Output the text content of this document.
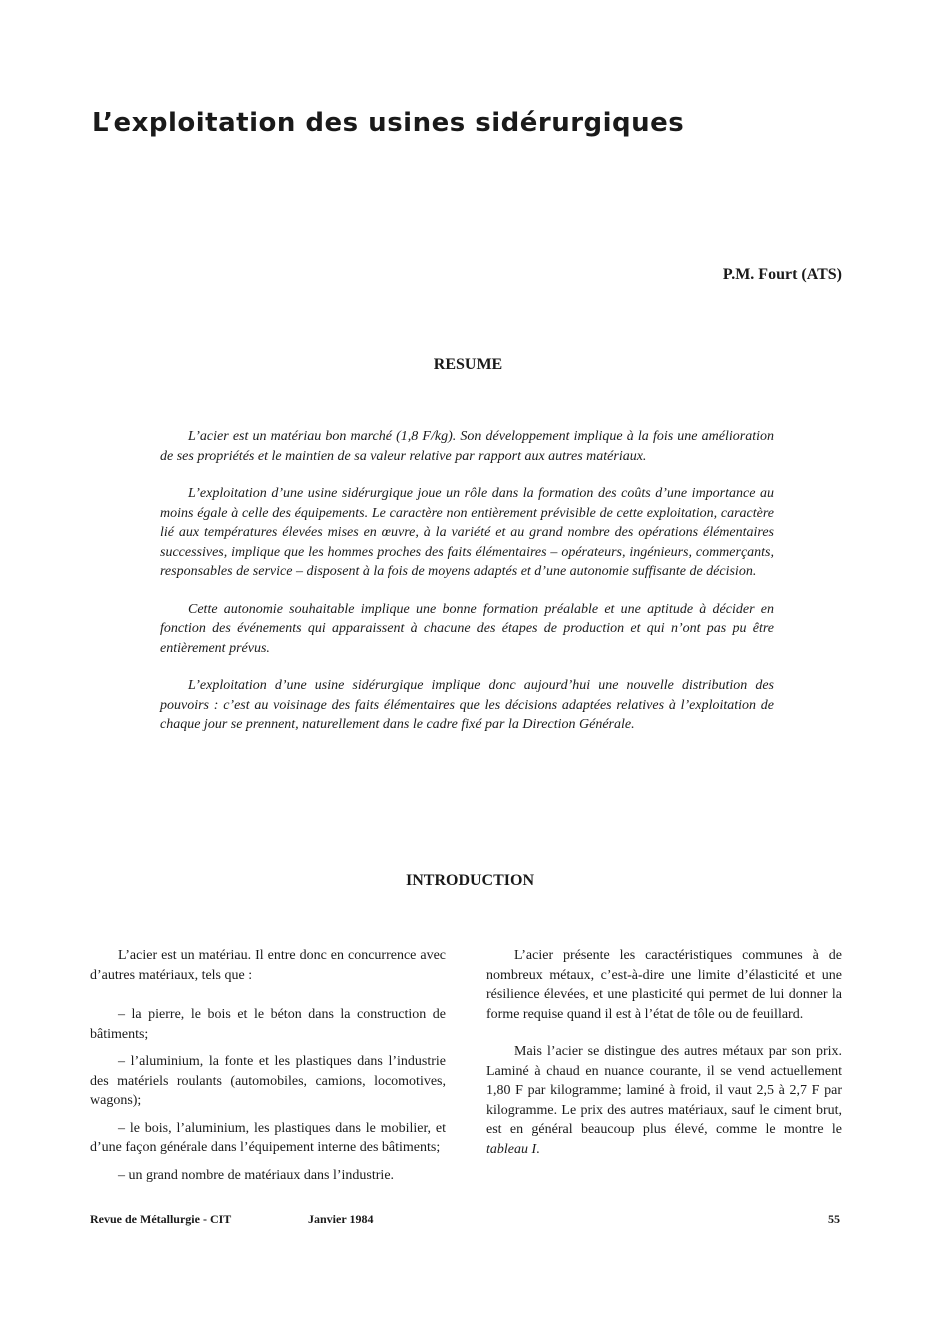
L’exploitation des usines sidérurgiques
P.M. Fourt (ATS)
RESUME

L’acier est un matériau bon marché (1,8 F/kg). Son développement implique à la fois une amélioration de ses propriétés et le maintien de sa valeur relative par rapport aux autres matériaux.

L’exploitation d’une usine sidérurgique joue un rôle dans la formation des coûts d’une importance au moins égale à celle des équipements. Le caractère non entièrement prévisible de cette exploitation, caractère lié aux températures élevées mises en œuvre, à la variété et au grand nombre des opérations élémentaires successives, implique que les hommes proches des faits élémentaires – opérateurs, ingénieurs, commerçants, responsables de service – disposent à la fois de moyens adaptés et d’une autonomie suffisante de décision.

Cette autonomie souhaitable implique une bonne formation préalable et une aptitude à décider en fonction des événements qui apparaissent à chacune des étapes de production et qui n’ont pas pu être entièrement prévus.

L’exploitation d’une usine sidérurgique implique donc aujourd’hui une nouvelle distribution des pouvoirs : c’est au voisinage des faits élémentaires que les décisions adaptées relatives à l’exploitation de chaque jour se prennent, naturellement dans le cadre fixé par la Direction Générale.

INTRODUCTION

L’acier est un matériau. Il entre donc en concurrence avec d’autres matériaux, tels que :

– la pierre, le bois et le béton dans la construction de bâtiments;

– l’aluminium, la fonte et les plastiques dans l’industrie des matériels roulants (automobiles, camions, locomotives, wagons);

– le bois, l’aluminium, les plastiques dans le mobilier, et d’une façon générale dans l’équipement interne des bâtiments;

– un grand nombre de matériaux dans l’industrie.

L’acier présente les caractéristiques communes à de nombreux métaux, c’est-à-dire une limite d’élasticité et une résilience élevées, et une plasticité qui permet de lui donner la forme requise quand il est à l’état de tôle ou de feuillard.

Mais l’acier se distingue des autres métaux par son prix. Laminé à chaud en nuance courante, il se vend actuellement 1,80 F par kilogramme; laminé à froid, il vaut 2,5 à 2,7 F par kilogramme. Le prix des autres matériaux, sauf le ciment brut, est en général beaucoup plus élevé, comme le montre le tableau I.

Revue de Métallurgie - CIT	Janvier 1984	55
